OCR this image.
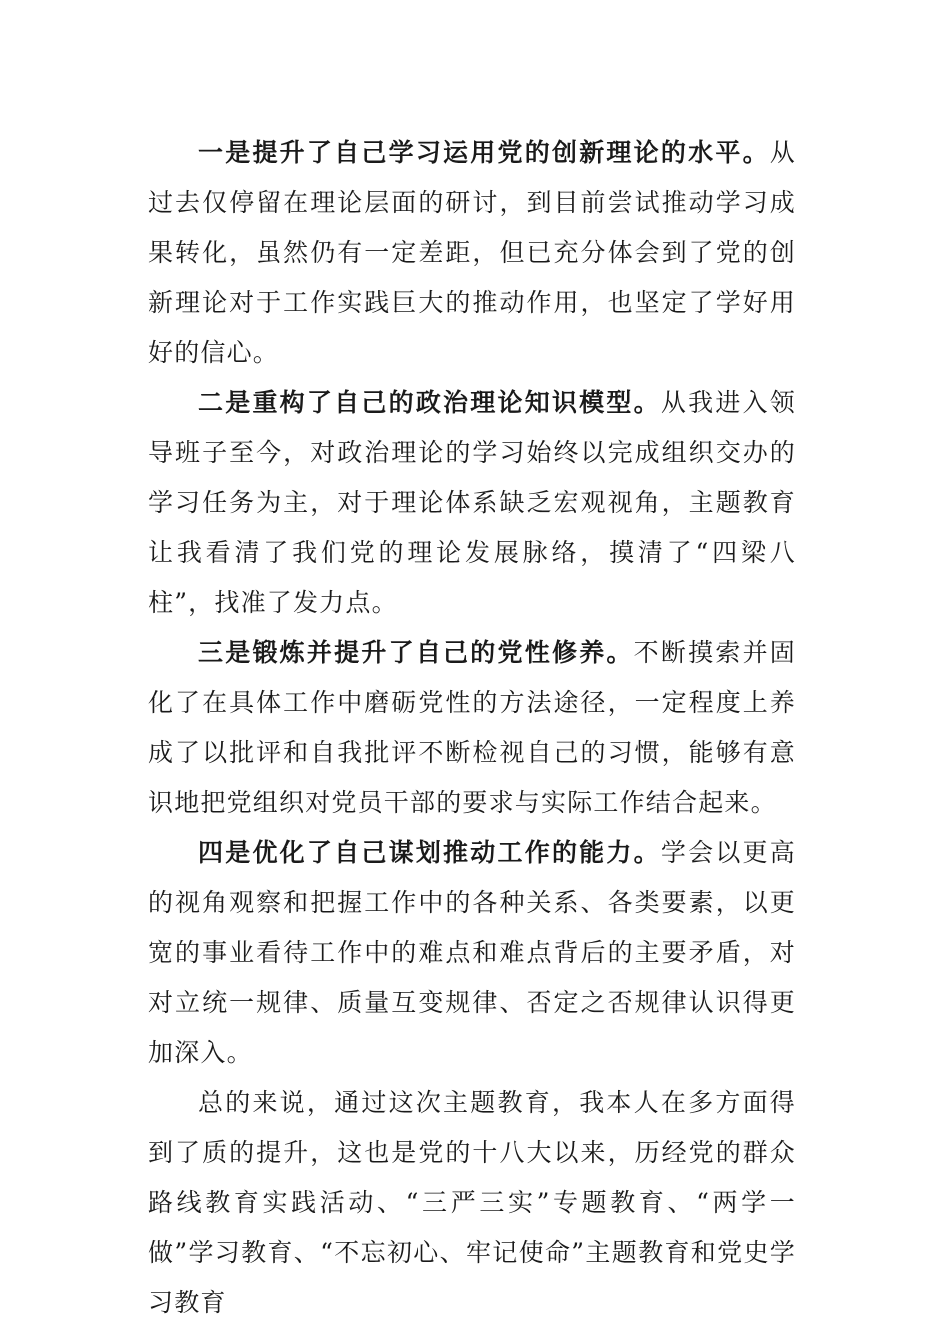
一是提升了自己学习运用党的创新理论的水平。从过去仅停留在理论层面的研讨，到目前尝试推动学习成果转化，虽然仍有一定差距，但已充分体会到了党的创新理论对于工作实践巨大的推动作用，也坚定了学好用好的信心。

二是重构了自己的政治理论知识模型。从我进入领导班子至今，对政治理论的学习始终以完成组织交办的学习任务为主，对于理论体系缺乏宏观视角，主题教育让我看清了我们党的理论发展脉络，摸清了“四梁八柱”，找准了发力点。

三是锻炼并提升了自己的党性修养。不断摸索并固化了在具体工作中磨砺党性的方法途径，一定程度上养成了以批评和自我批评不断检视自己的习惯，能够有意识地把党组织对党员干部的要求与实际工作结合起来。

四是优化了自己谋划推动工作的能力。学会以更高的视角观察和把握工作中的各种关系、各类要素，以更宽的事业看待工作中的难点和难点背后的主要矛盾，对对立统一规律、质量互变规律、否定之否规律认识得更加深入。

总的来说，通过这次主题教育，我本人在多方面得到了质的提升，这也是党的十八大以来，历经党的群众路线教育实践活动、“三严三实”专题教育、“两学一做”学习教育、“不忘初心、牢记使命”主题教育和党史学习教育
